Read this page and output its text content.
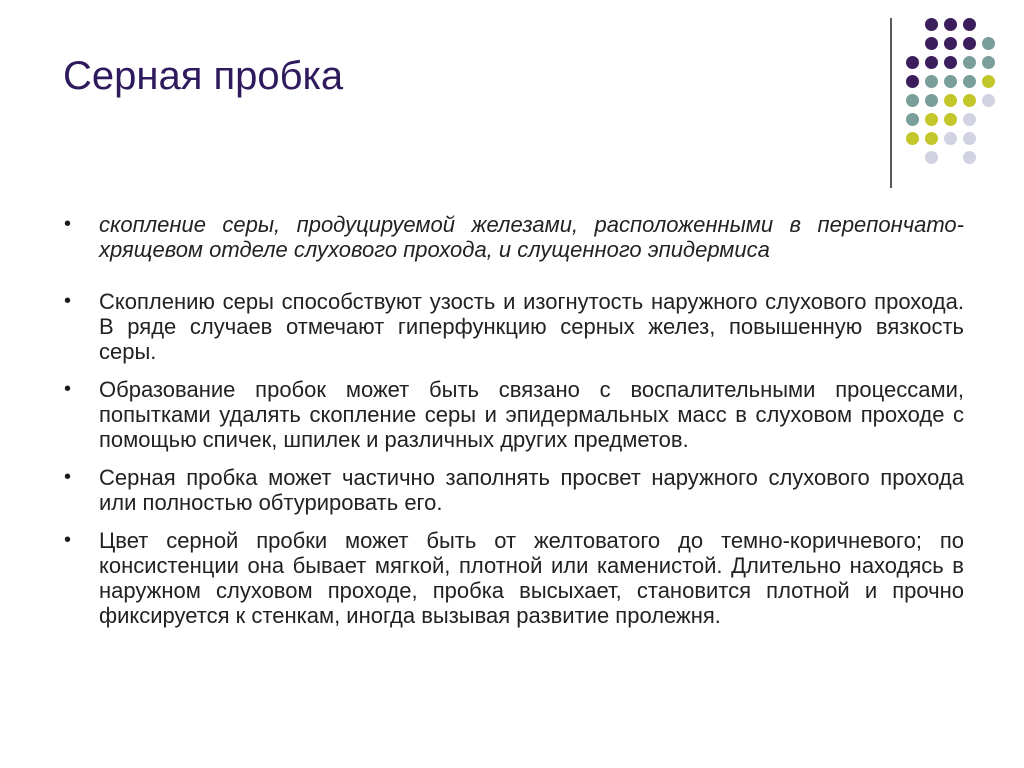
Серная пробка
• скопление серы, продуцируемой железами, расположенными в перепончато-хрящевом отделе слухового прохода, и слущенного эпидермиса
• Скоплению серы способствуют узость и изогнутость наружного слухового прохода. В ряде случаев отмечают гиперфункцию серных желез, повышенную вязкость серы.
• Образование пробок может быть связано с воспалительными процессами, попытками удалять скопление серы и эпидермальных масс в слуховом проходе с помощью спичек, шпилек и различных других предметов.
• Серная пробка может частично заполнять просвет наружного слухового прохода или полностью обтурировать его.
• Цвет серной пробки может быть от желтоватого до темно-коричневого; по консистенции она бывает мягкой, плотной или каменистой. Длительно находясь в наружном слуховом проходе, пробка высыхает, становится плотной и прочно фиксируется к стенкам, иногда вызывая развитие пролежня.
